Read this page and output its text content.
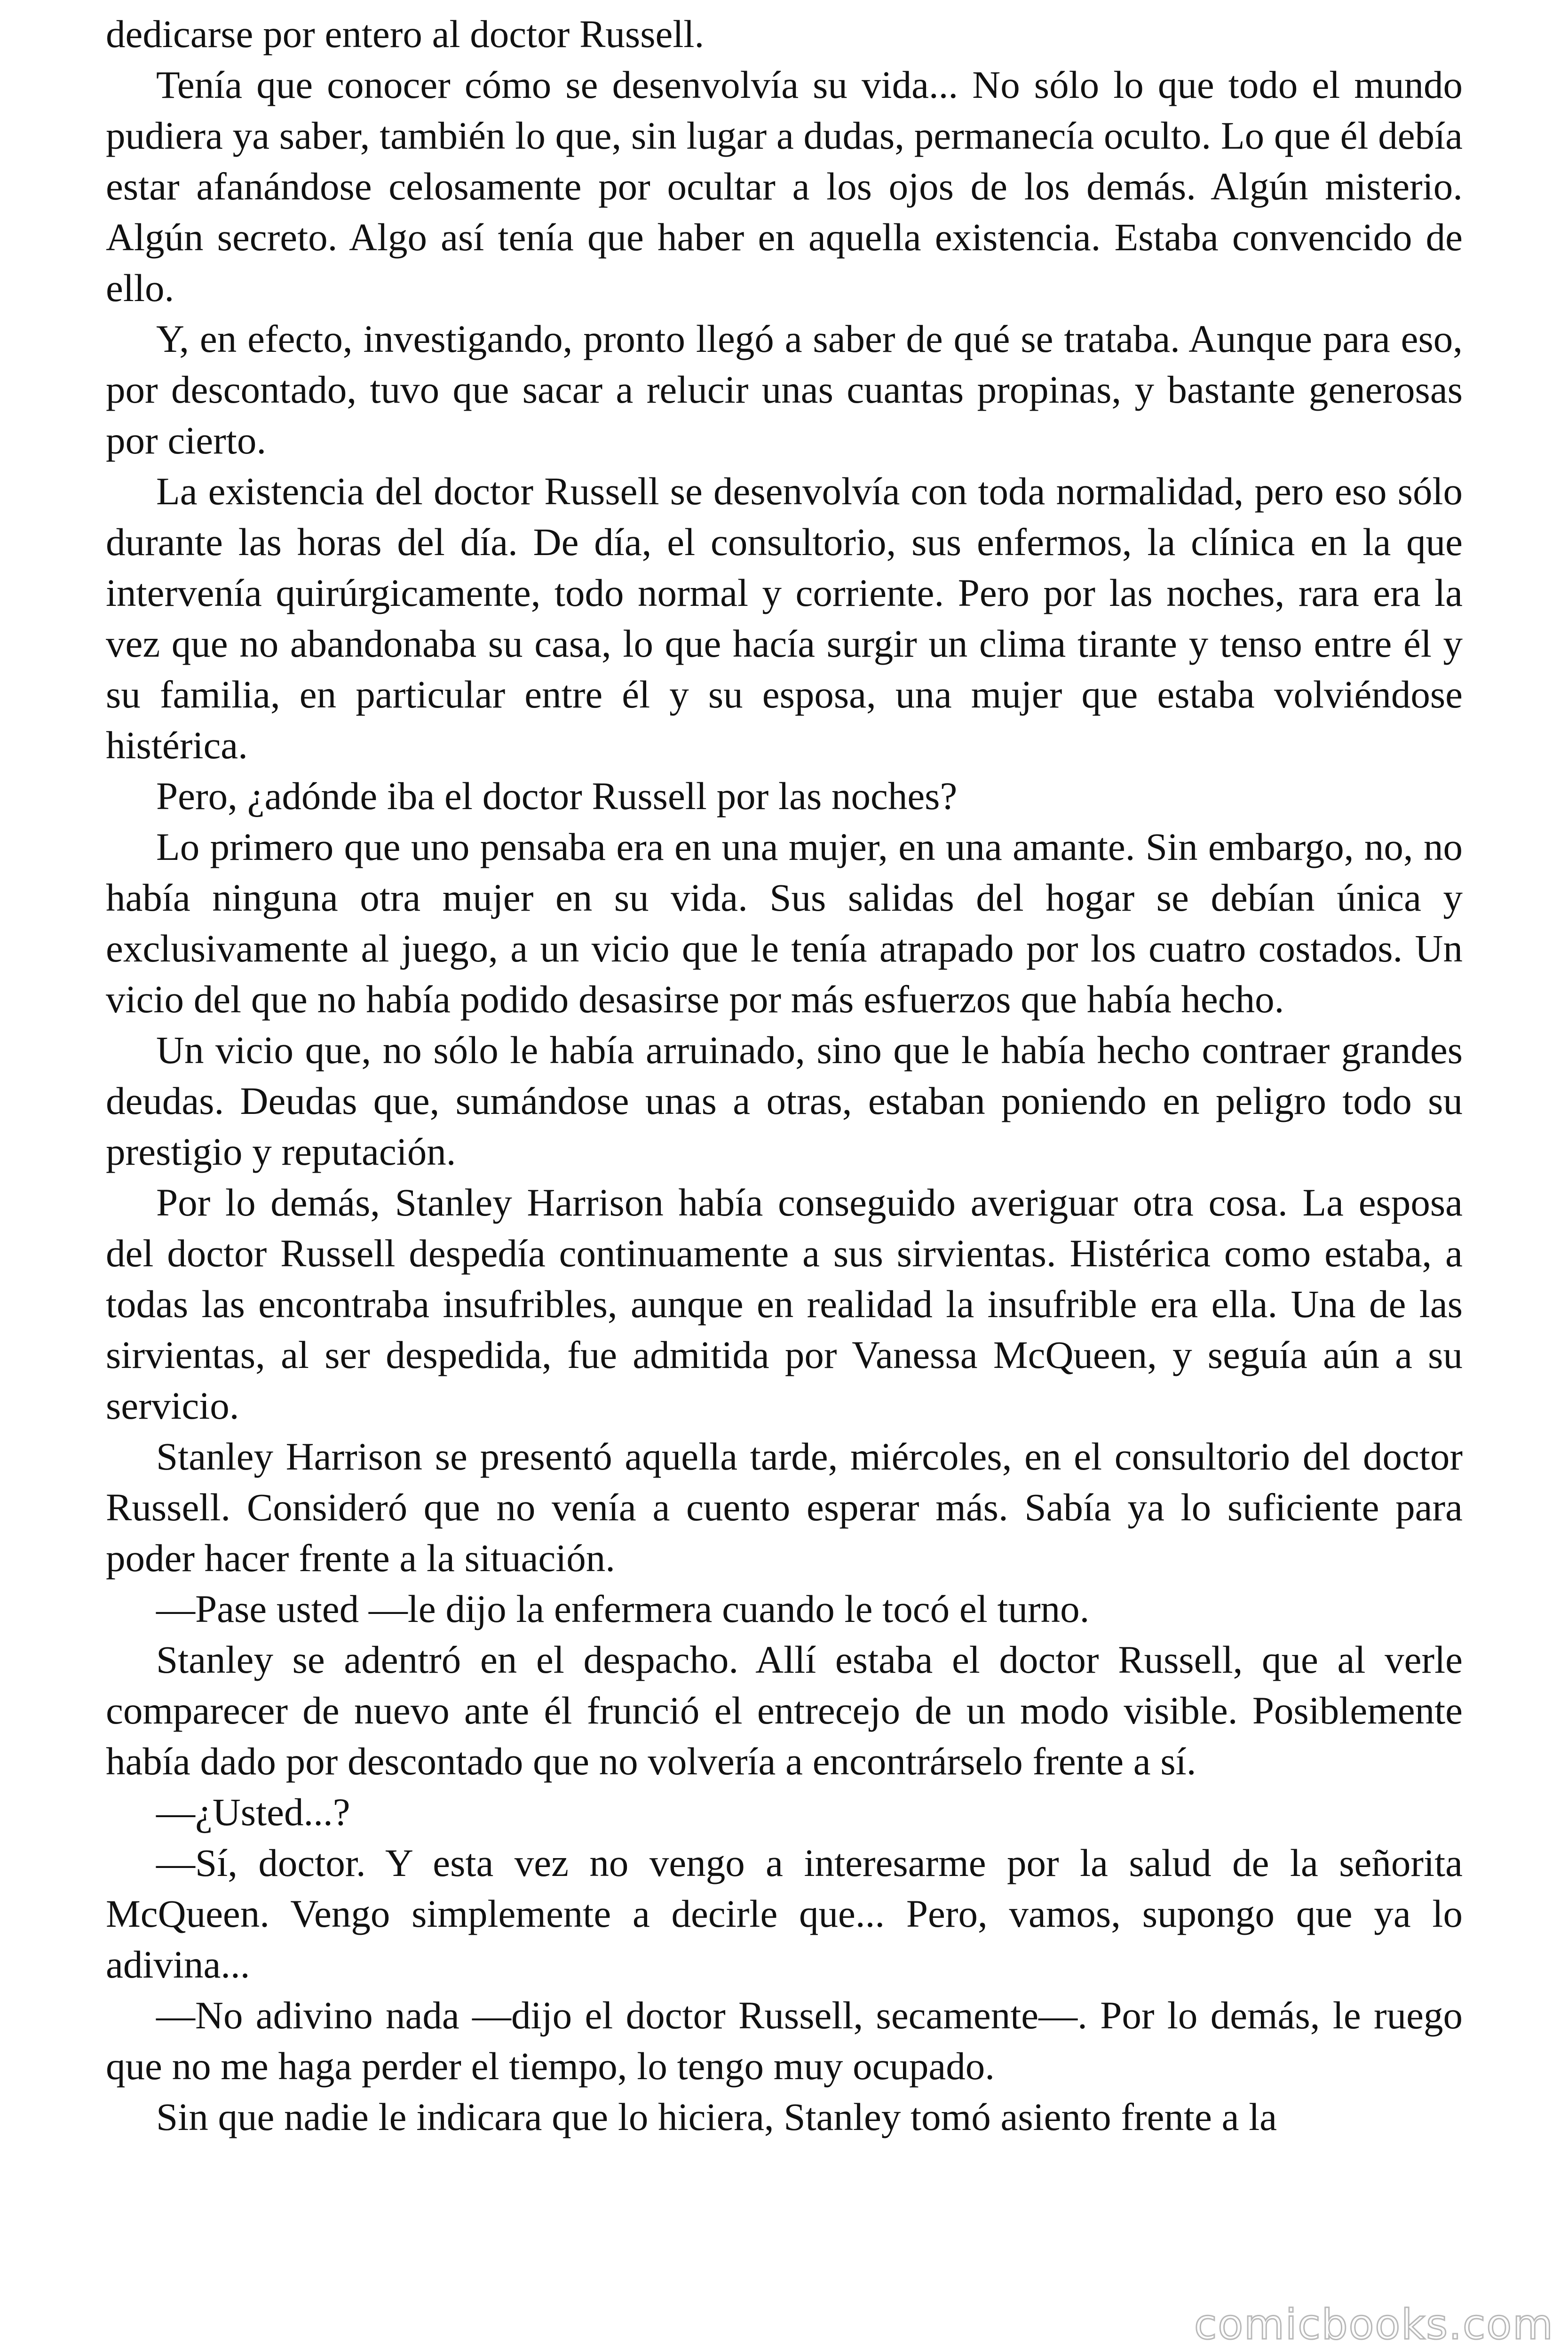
dedicarse por entero al doctor Russell.

Tenía que conocer cómo se desenvolvía su vida... No sólo lo que todo el mundo pudiera ya saber, también lo que, sin lugar a dudas, permanecía oculto. Lo que él debía estar afanándose celosamente por ocultar a los ojos de los demás. Algún misterio. Algún secreto. Algo así tenía que haber en aquella existencia. Estaba convencido de ello.

Y, en efecto, investigando, pronto llegó a saber de qué se trataba. Aunque para eso, por descontado, tuvo que sacar a relucir unas cuantas propinas, y bastante generosas por cierto.

La existencia del doctor Russell se desenvolvía con toda normalidad, pero eso sólo durante las horas del día. De día, el consultorio, sus enfermos, la clínica en la que intervenía quirúrgicamente, todo normal y corriente. Pero por las noches, rara era la vez que no abandonaba su casa, lo que hacía surgir un clima tirante y tenso entre él y su familia, en particular entre él y su esposa, una mujer que estaba volviéndose histérica.

Pero, ¿adónde iba el doctor Russell por las noches?

Lo primero que uno pensaba era en una mujer, en una amante. Sin embargo, no, no había ninguna otra mujer en su vida. Sus salidas del hogar se debían única y exclusivamente al juego, a un vicio que le tenía atrapado por los cuatro costados. Un vicio del que no había podido desasirse por más esfuerzos que había hecho.

Un vicio que, no sólo le había arruinado, sino que le había hecho contraer grandes deudas. Deudas que, sumándose unas a otras, estaban poniendo en peligro todo su prestigio y reputación.

Por lo demás, Stanley Harrison había conseguido averiguar otra cosa. La esposa del doctor Russell despedía continuamente a sus sirvientas. Histérica como estaba, a todas las encontraba insufribles, aunque en realidad la insufrible era ella. Una de las sirvientas, al ser despedida, fue admitida por Vanessa McQueen, y seguía aún a su servicio.

Stanley Harrison se presentó aquella tarde, miércoles, en el consultorio del doctor Russell. Consideró que no venía a cuento esperar más. Sabía ya lo suficiente para poder hacer frente a la situación.

—Pase usted —le dijo la enfermera cuando le tocó el turno.

Stanley se adentró en el despacho. Allí estaba el doctor Russell, que al verle comparecer de nuevo ante él frunció el entrecejo de un modo visible. Posiblemente había dado por descontado que no volvería a encontrárselo frente a sí.

—¿Usted...?

—Sí, doctor. Y esta vez no vengo a interesarme por la salud de la señorita McQueen. Vengo simplemente a decirle que... Pero, vamos, supongo que ya lo adivina...

—No adivino nada —dijo el doctor Russell, secamente—. Por lo demás, le ruego que no me haga perder el tiempo, lo tengo muy ocupado.

Sin que nadie le indicara que lo hiciera, Stanley tomó asiento frente a la

comicbooks.com
